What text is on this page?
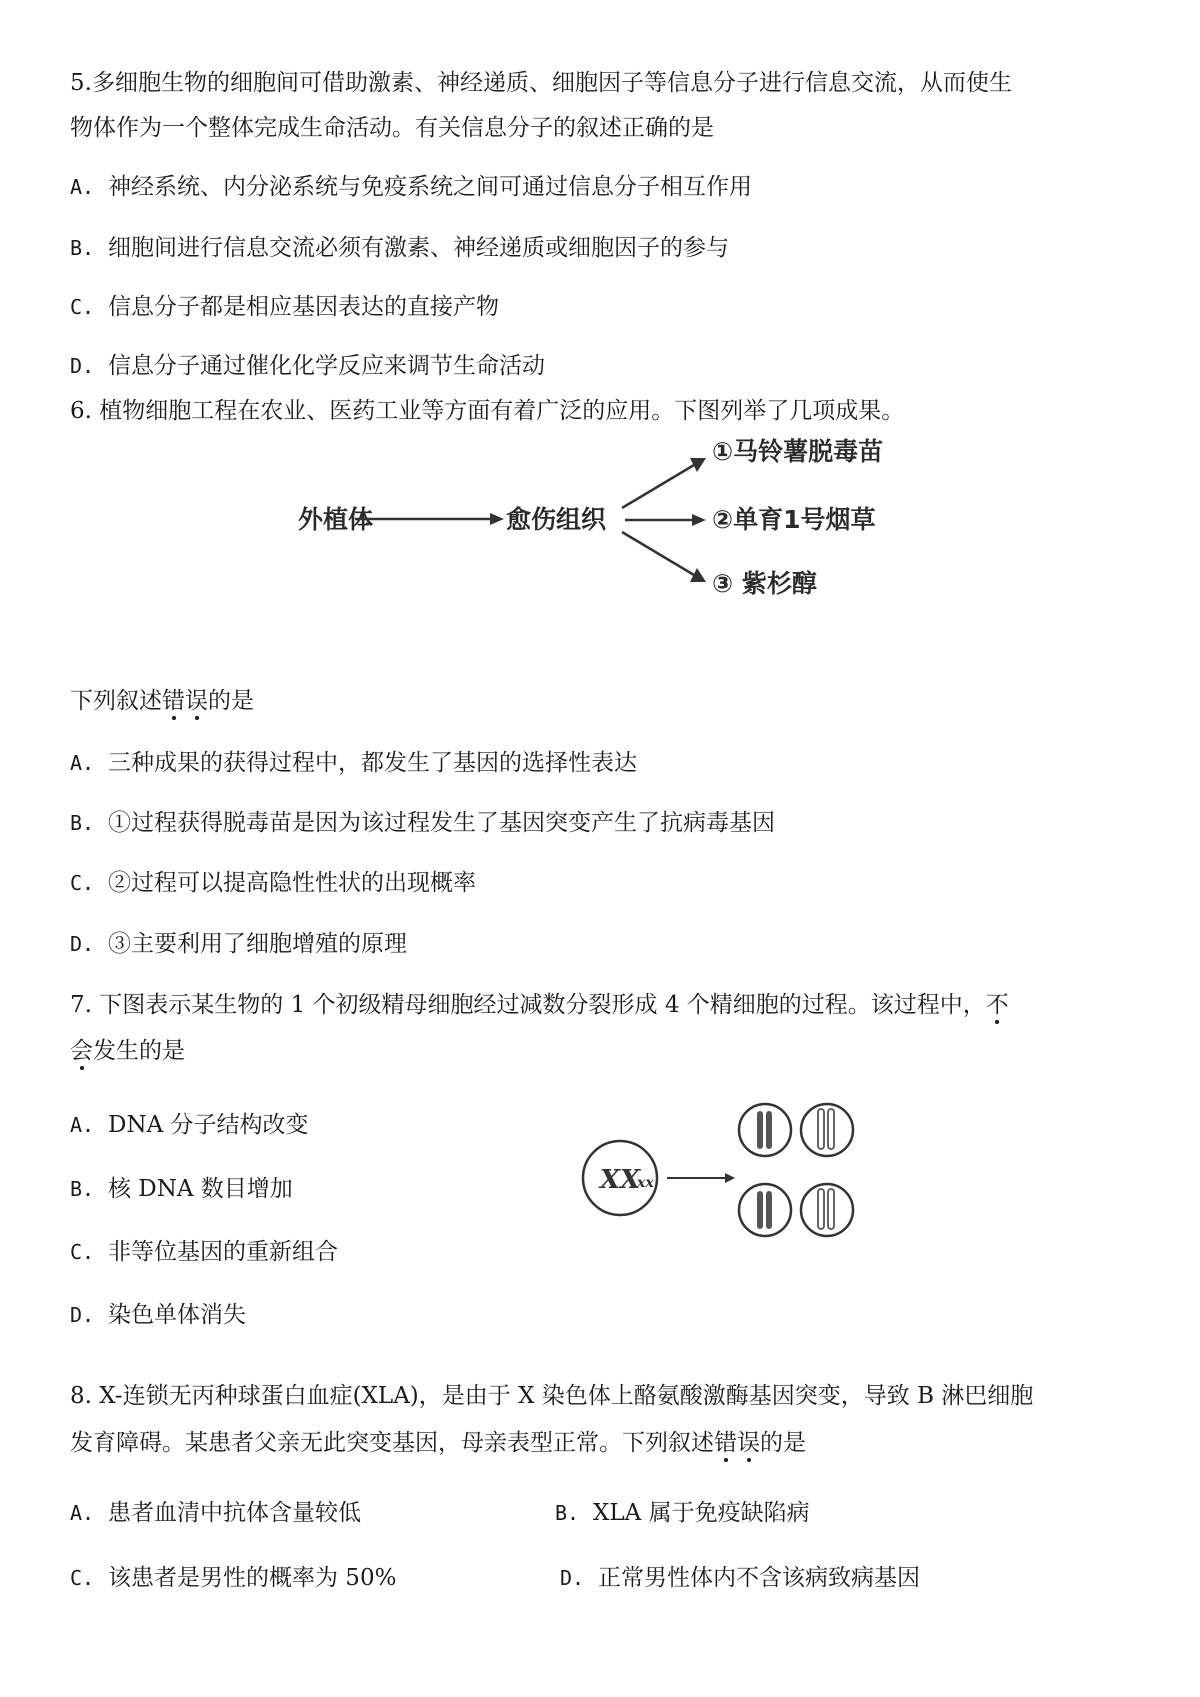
5.多细胞生物的细胞间可借助激素、神经递质、细胞因子等信息分子进行信息交流，从而使生
物体作为一个整体完成生命活动。有关信息分子的叙述正确的是
A. 神经系统、内分泌系统与免疫系统之间可通过信息分子相互作用
B. 细胞间进行信息交流必须有激素、神经递质或细胞因子的参与
C. 信息分子都是相应基因表达的直接产物
D. 信息分子通过催化化学反应来调节生命活动
6. 植物细胞工程在农业、医药工业等方面有着广泛的应用。下图列举了几项成果。
外植体	愈伤组织
①马铃薯脱毒苗
②单育1号烟草
③ 紫杉醇
下列叙述错误的是
A. 三种成果的获得过程中，都发生了基因的选择性表达
B. ①过程获得脱毒苗是因为该过程发生了基因突变产生了抗病毒基因
C. ②过程可以提高隐性性状的出现概率
D. ③主要利用了细胞增殖的原理
7. 下图表示某生物的 1 个初级精母细胞经过减数分裂形成 4 个精细胞的过程。该过程中，不
会发生的是
A. DNA 分子结构改变
B. 核 DNA 数目增加
C. 非等位基因的重新组合
D. 染色单体消失
XX
xx
8. X-连锁无丙种球蛋白血症(XLA)，是由于 X 染色体上酪氨酸激酶基因突变，导致 B 淋巴细胞
发育障碍。某患者父亲无此突变基因，母亲表型正常。下列叙述错误的是
A. 患者血清中抗体含量较低	B. XLA 属于免疫缺陷病
C. 该患者是男性的概率为 50%	D. 正常男性体内不含该病致病基因
